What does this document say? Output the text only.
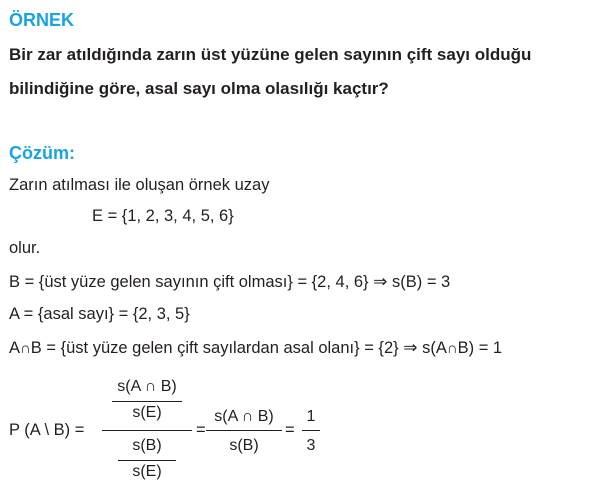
ÖRNEK
Bir zar atıldığında zarın üst yüzüne gelen sayının çift sayı olduğu
bilindiğine göre, asal sayı olma olasılığı kaçtır?
Çözüm:
Zarın atılması ile oluşan örnek uzay
E = {1, 2, 3, 4, 5, 6}
olur.
B = {üst yüze gelen sayının çift olması} = {2, 4, 6} ⇒ s(B) = 3
A = {asal sayı} = {2, 3, 5}
A∩B = {üst yüze gelen çift sayılardan asal olanı} = {2} ⇒ s(A∩B) = 1
P (A \ B) =
s(A ∩ B)
s(E)
s(B)
s(E)
=
s(A ∩ B)
s(B)
=
1
3
